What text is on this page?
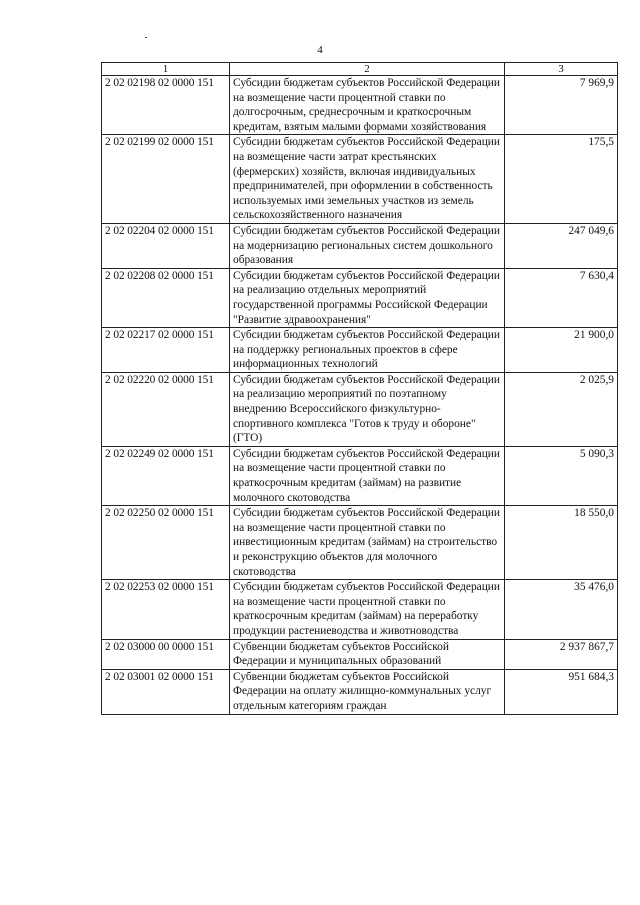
4
1	2	3
2 02 02198 02 0000 151	Субсидии бюджетам субъектов Российской Федерации на возмещение части процентной ставки по долгосрочным, среднесрочным и краткосрочным кредитам, взятым малыми формами хозяйствования	7 969,9
2 02 02199 02 0000 151	Субсидии бюджетам субъектов Российской Федерации на возмещение части затрат крестьянских (фермерских) хозяйств, включая индивидуальных предпринимателей, при оформлении в собственность используемых ими земельных участков из земель сельскохозяйственного назначения	175,5
2 02 02204 02 0000 151	Субсидии бюджетам субъектов Российской Федерации на модернизацию региональных систем дошкольного образования	247 049,6
2 02 02208 02 0000 151	Субсидии бюджетам субъектов Российской Федерации на реализацию отдельных мероприятий государственной программы Российской Федерации "Развитие здравоохранения"	7 630,4
2 02 02217 02 0000 151	Субсидии бюджетам субъектов Российской Федерации на поддержку региональных проектов в сфере информационных технологий	21 900,0
2 02 02220 02 0000 151	Субсидии бюджетам субъектов Российской Федерации на реализацию мероприятий по поэтапному внедрению Всероссийского физкультурно-спортивного комплекса "Готов к труду и обороне" (ГТО)	2 025,9
2 02 02249 02 0000 151	Субсидии бюджетам субъектов Российской Федерации на возмещение части процентной ставки по краткосрочным кредитам (займам) на развитие молочного скотоводства	5 090,3
2 02 02250 02 0000 151	Субсидии бюджетам субъектов Российской Федерации на возмещение части процентной ставки по инвестиционным кредитам (займам) на строительство и реконструкцию объектов для молочного скотоводства	18 550,0
2 02 02253 02 0000 151	Субсидии бюджетам субъектов Российской Федерации на возмещение части процентной ставки по краткосрочным кредитам (займам) на переработку продукции растениеводства и животноводства	35 476,0
2 02 03000 00 0000 151	Субвенции бюджетам субъектов Российской Федерации и муниципальных образований	2 937 867,7
2 02 03001 02 0000 151	Субвенции бюджетам субъектов Российской Федерации на оплату жилищно-коммунальных услуг отдельным категориям граждан	951 684,3
